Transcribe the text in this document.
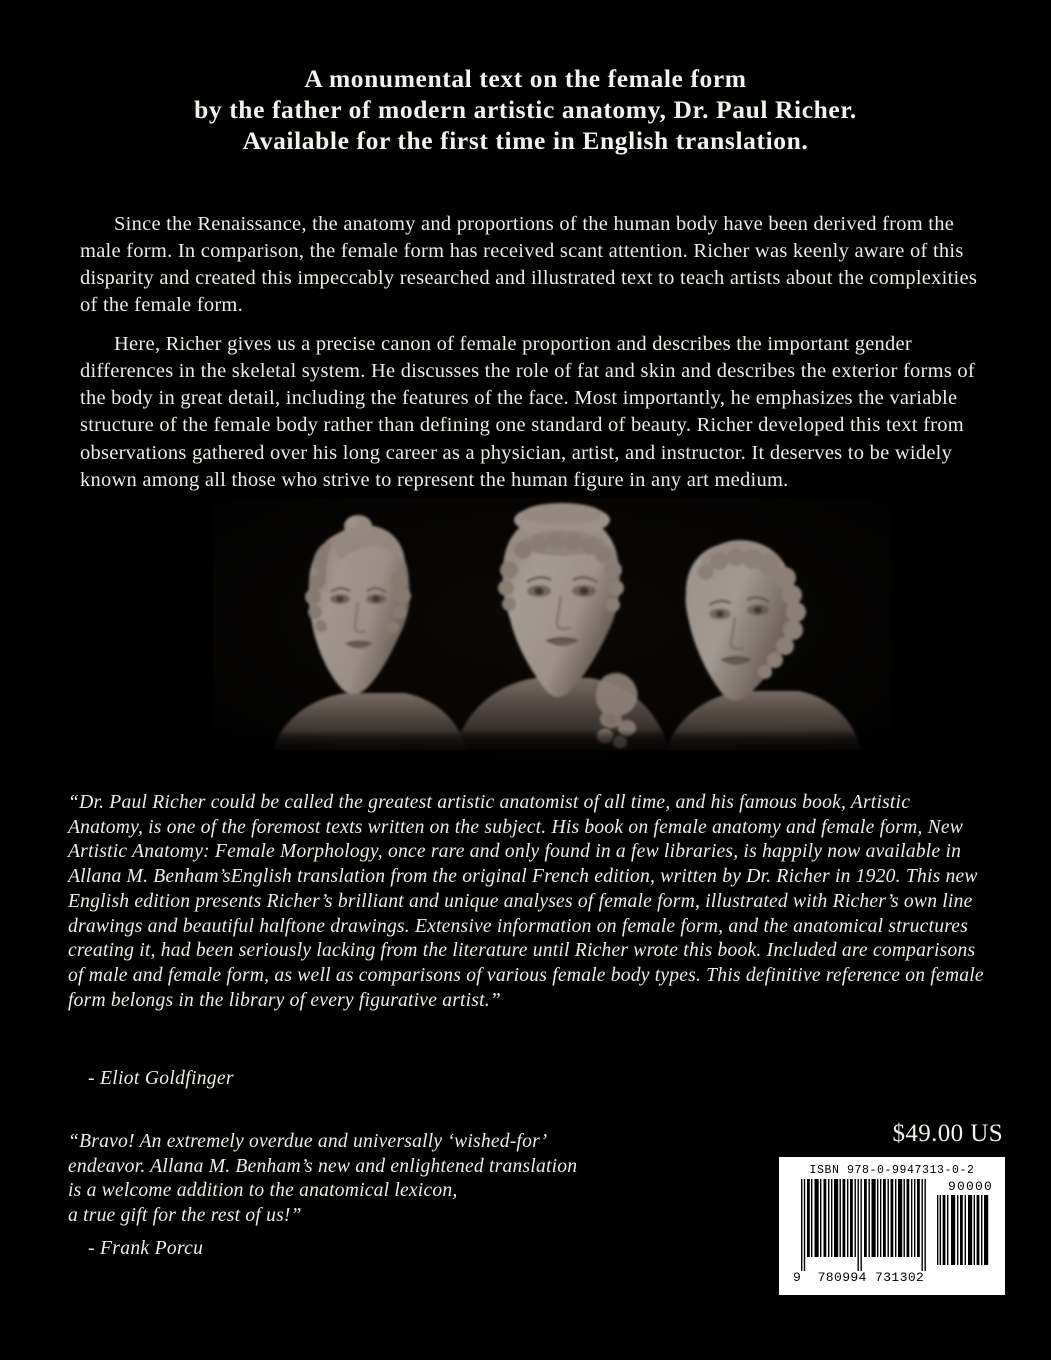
A monumental text on the female form
by the father of modern artistic anatomy, Dr. Paul Richer.
Available for the first time in English translation.

Since the Renaissance, the anatomy and proportions of the human body have been derived from the male form. In comparison, the female form has received scant attention. Richer was keenly aware of this disparity and created this impeccably researched and illustrated text to teach artists about the complexities of the female form.

Here, Richer gives us a precise canon of female proportion and describes the important gender differences in the skeletal system. He discusses the role of fat and skin and describes the exterior forms of the body in great detail, including the features of the face. Most importantly, he emphasizes the variable structure of the female body rather than defining one standard of beauty. Richer developed this text from observations gathered over his long career as a physician, artist, and instructor. It deserves to be widely known among all those who strive to represent the human figure in any art medium.

“Dr. Paul Richer could be called the greatest artistic anatomist of all time, and his famous book, Artistic Anatomy, is one of the foremost texts written on the subject. His book on female anatomy and female form, New Artistic Anatomy: Female Morphology, once rare and only found in a few libraries, is happily now available in Allana M. Benham’sEnglish translation from the original French edition, written by Dr. Richer in 1920. This new English edition presents Richer’s brilliant and unique analyses of female form, illustrated with Richer’s own line drawings and beautiful halftone drawings. Extensive information on female form, and the anatomical structures creating it, had been seriously lacking from the literature until Richer wrote this book. Included are comparisons of male and female form, as well as comparisons of various female body types. This definitive reference on female form belongs in the library of every figurative artist.”
- Eliot Goldfinger
“Bravo! An extremely overdue and universally ‘wished-for’
endeavor. Allana M. Benham’s new and enlightened translation
is a welcome addition to the anatomical lexicon,
a true gift for the rest of us!”
- Frank Porcu
$49.00 US
ISBN 978-0-9947313-0-2
90000
9  780994 731302
